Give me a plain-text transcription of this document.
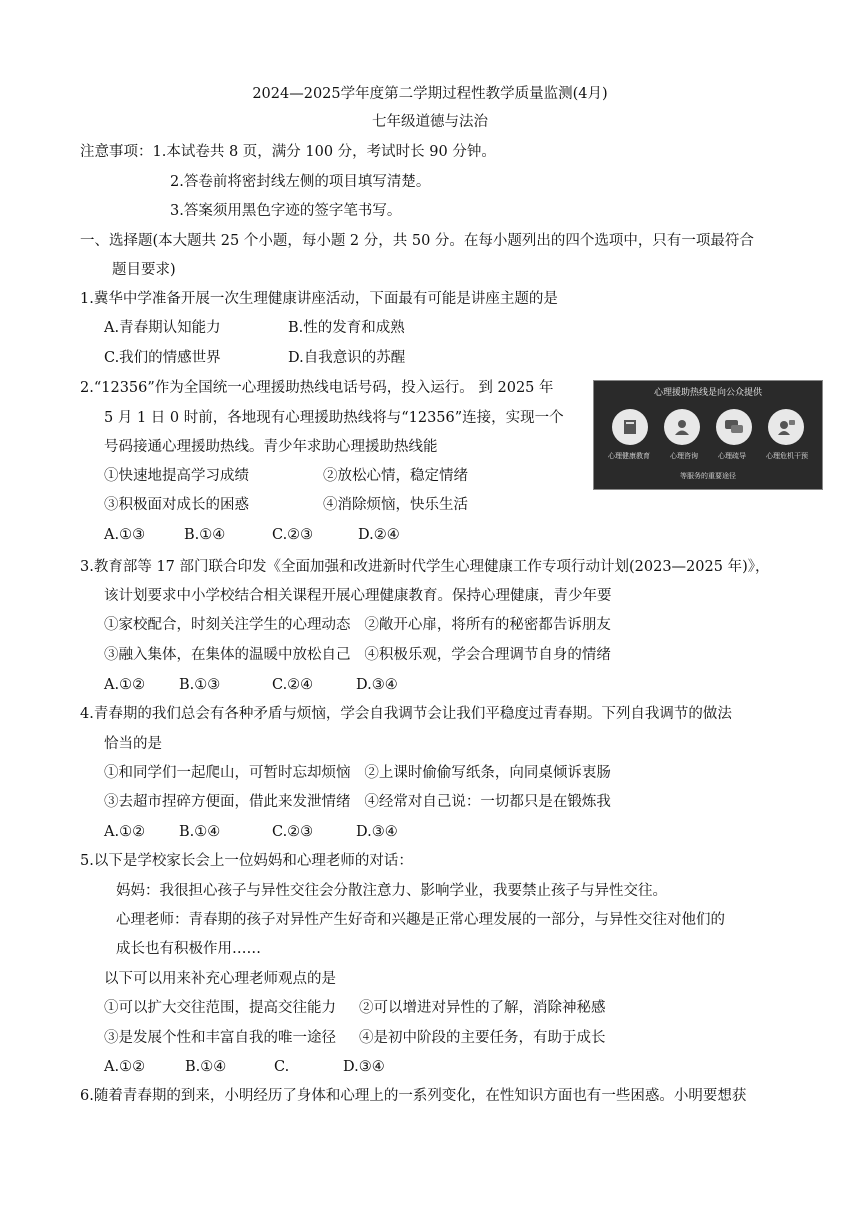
2024—2025学年度第二学期过程性教学质量监测(4月)
七年级道德与法治
注意事项：1.本试卷共 8 页，满分 100 分，考试时长 90 分钟。
2.答卷前将密封线左侧的项目填写清楚。
3.答案须用黑色字迹的签字笔书写。
一、选择题(本大题共 25 个小题，每小题 2 分，共 50 分。在每小题列出的四个选项中，只有一项最符合
题目要求)
1.冀华中学准备开展一次生理健康讲座活动，下面最有可能是讲座主题的是
A.青春期认知能力	B.性的发育和成熟
C.我们的情感世界	D.自我意识的苏醒
2.“12356”作为全国统一心理援助热线电话号码，投入运行。 到 2025 年
5 月 1 日 0 时前，各地现有心理援助热线将与“12356”连接，实现一个
号码接通心理援助热线。青少年求助心理援助热线能
①快速地提高学习成绩	②放松心情，稳定情绪
③积极面对成长的困惑	④消除烦恼，快乐生活
A.①③	B.①④	C.②③	D.②④
心理援助热线是向公众提供
心理健康教育	心理咨询	心理疏导	心理危机干预
等服务的重要途径
3.教育部等 17 部门联合印发《全面加强和改进新时代学生心理健康工作专项行动计划(2023—2025 年)》，
该计划要求中小学校结合相关课程开展心理健康教育。保持心理健康，青少年要
①家校配合，时刻关注学生的心理动态   ②敞开心扉，将所有的秘密都告诉朋友
③融入集体，在集体的温暖中放松自己   ④积极乐观，学会合理调节自身的情绪
A.①② B.①③	C.②④	D.③④
4.青春期的我们总会有各种矛盾与烦恼，学会自我调节会让我们平稳度过青春期。下列自我调节的做法
恰当的是
①和同学们一起爬山，可暂时忘却烦恼   ②上课时偷偷写纸条，向同桌倾诉衷肠
③去超市捏碎方便面，借此来发泄情绪   ④经常对自己说：一切都只是在锻炼我
A.①② B.①④	C.②③	D.③④
5.以下是学校家长会上一位妈妈和心理老师的对话：
妈妈：我很担心孩子与异性交往会分散注意力、影响学业，我要禁止孩子与异性交往。
心理老师：青春期的孩子对异性产生好奇和兴趣是正常心理发展的一部分，与异性交往对他们的
成长也有积极作用……
以下可以用来补充心理老师观点的是
①可以扩大交往范围，提高交往能力     ②可以增进对异性的了解，消除神秘感
③是发展个性和丰富自我的唯一途径     ④是初中阶段的主要任务，有助于成长
A.①②	B.①④	C.	D.③④
6.随着青春期的到来，小明经历了身体和心理上的一系列变化，在性知识方面也有一些困惑。小明要想获
